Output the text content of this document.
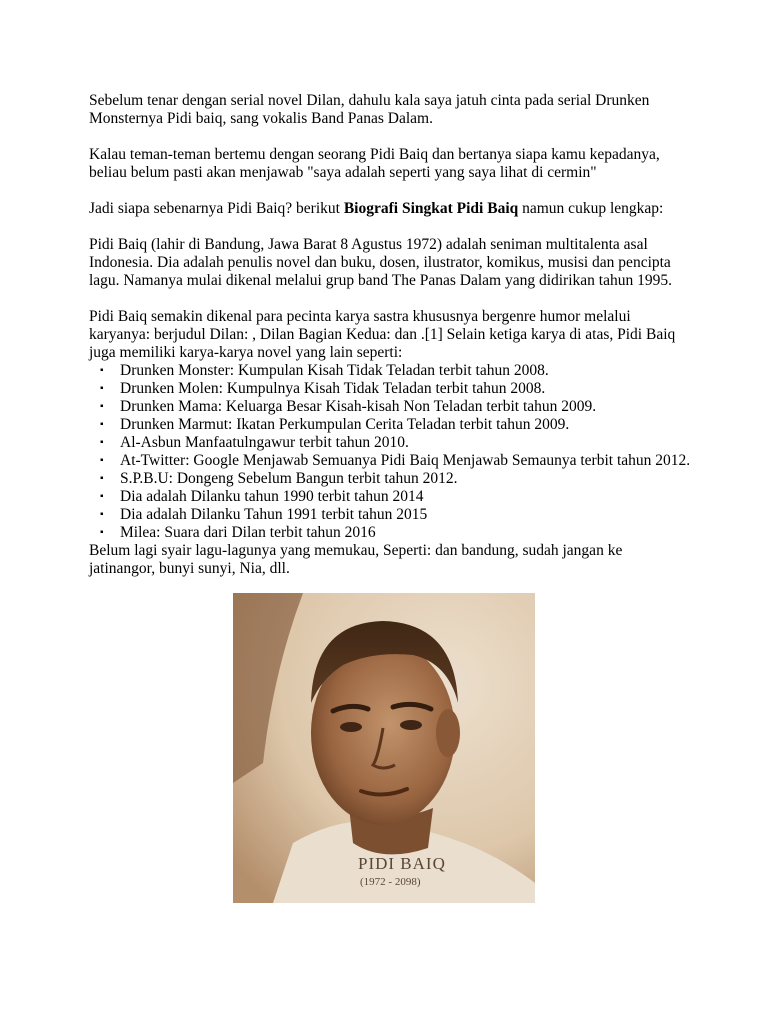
Sebelum tenar dengan serial novel Dilan, dahulu kala saya jatuh cinta pada serial Drunken Monsternya Pidi baiq, sang vokalis Band Panas Dalam.

Kalau teman-teman bertemu dengan seorang Pidi Baiq dan bertanya siapa kamu kepadanya, beliau belum pasti akan menjawab "saya adalah seperti yang saya lihat di cermin"

Jadi siapa sebenarnya Pidi Baiq? berikut Biografi Singkat Pidi Baiq namun cukup lengkap:

Pidi Baiq (lahir di Bandung, Jawa Barat 8 Agustus 1972) adalah seniman multitalenta asal Indonesia. Dia adalah penulis novel dan buku, dosen, ilustrator, komikus, musisi dan pencipta lagu. Namanya mulai dikenal melalui grup band The Panas Dalam yang didirikan tahun 1995.

Pidi Baiq semakin dikenal para pecinta karya sastra khususnya bergenre humor melalui karyanya: berjudul Dilan: , Dilan Bagian Kedua: dan .[1] Selain ketiga karya di atas, Pidi Baiq juga memiliki karya-karya novel yang lain seperti:

▪ Drunken Monster: Kumpulan Kisah Tidak Teladan terbit tahun 2008.
▪ Drunken Molen: Kumpulnya Kisah Tidak Teladan terbit tahun 2008.
▪ Drunken Mama: Keluarga Besar Kisah-kisah Non Teladan terbit tahun 2009.
▪ Drunken Marmut: Ikatan Perkumpulan Cerita Teladan terbit tahun 2009.
▪ Al-Asbun Manfaatulngawur terbit tahun 2010.
▪ At-Twitter: Google Menjawab Semuanya Pidi Baiq Menjawab Semaunya terbit tahun 2012.
▪ S.P.B.U: Dongeng Sebelum Bangun terbit tahun 2012.
▪ Dia adalah Dilanku tahun 1990 terbit tahun 2014
▪ Dia adalah Dilanku Tahun 1991 terbit tahun 2015
▪ Milea: Suara dari Dilan terbit tahun 2016

Belum lagi syair lagu-lagunya yang memukau, Seperti: dan bandung, sudah jangan ke jatinangor, bunyi sunyi, Nia, dll.

PIDI BAIQ
(1972 - 2098)
